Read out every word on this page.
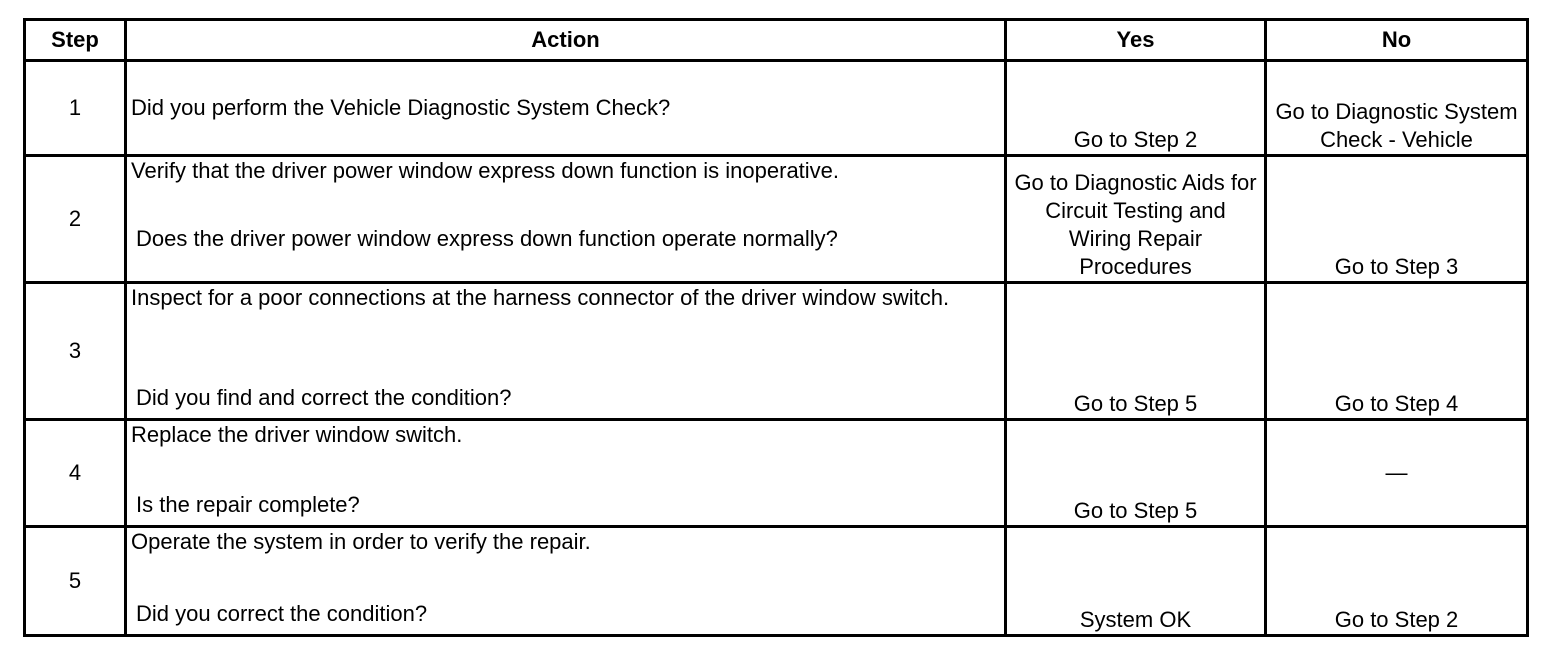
Step	Action	Yes	No
1	Did you perform the Vehicle Diagnostic System Check?	Go to Step 2	Go to Diagnostic System Check - Vehicle
2	Verify that the driver power window express down function is inoperative.

Does the driver power window express down function operate normally?	Go to Diagnostic Aids for Circuit Testing and Wiring Repair Procedures	Go to Step 3
3	Inspect for a poor connections at the harness connector of the driver window switch.

Did you find and correct the condition?	Go to Step 5	Go to Step 4
4	Replace the driver window switch.

Is the repair complete?	Go to Step 5	—
5	Operate the system in order to verify the repair.

Did you correct the condition?	System OK	Go to Step 2
